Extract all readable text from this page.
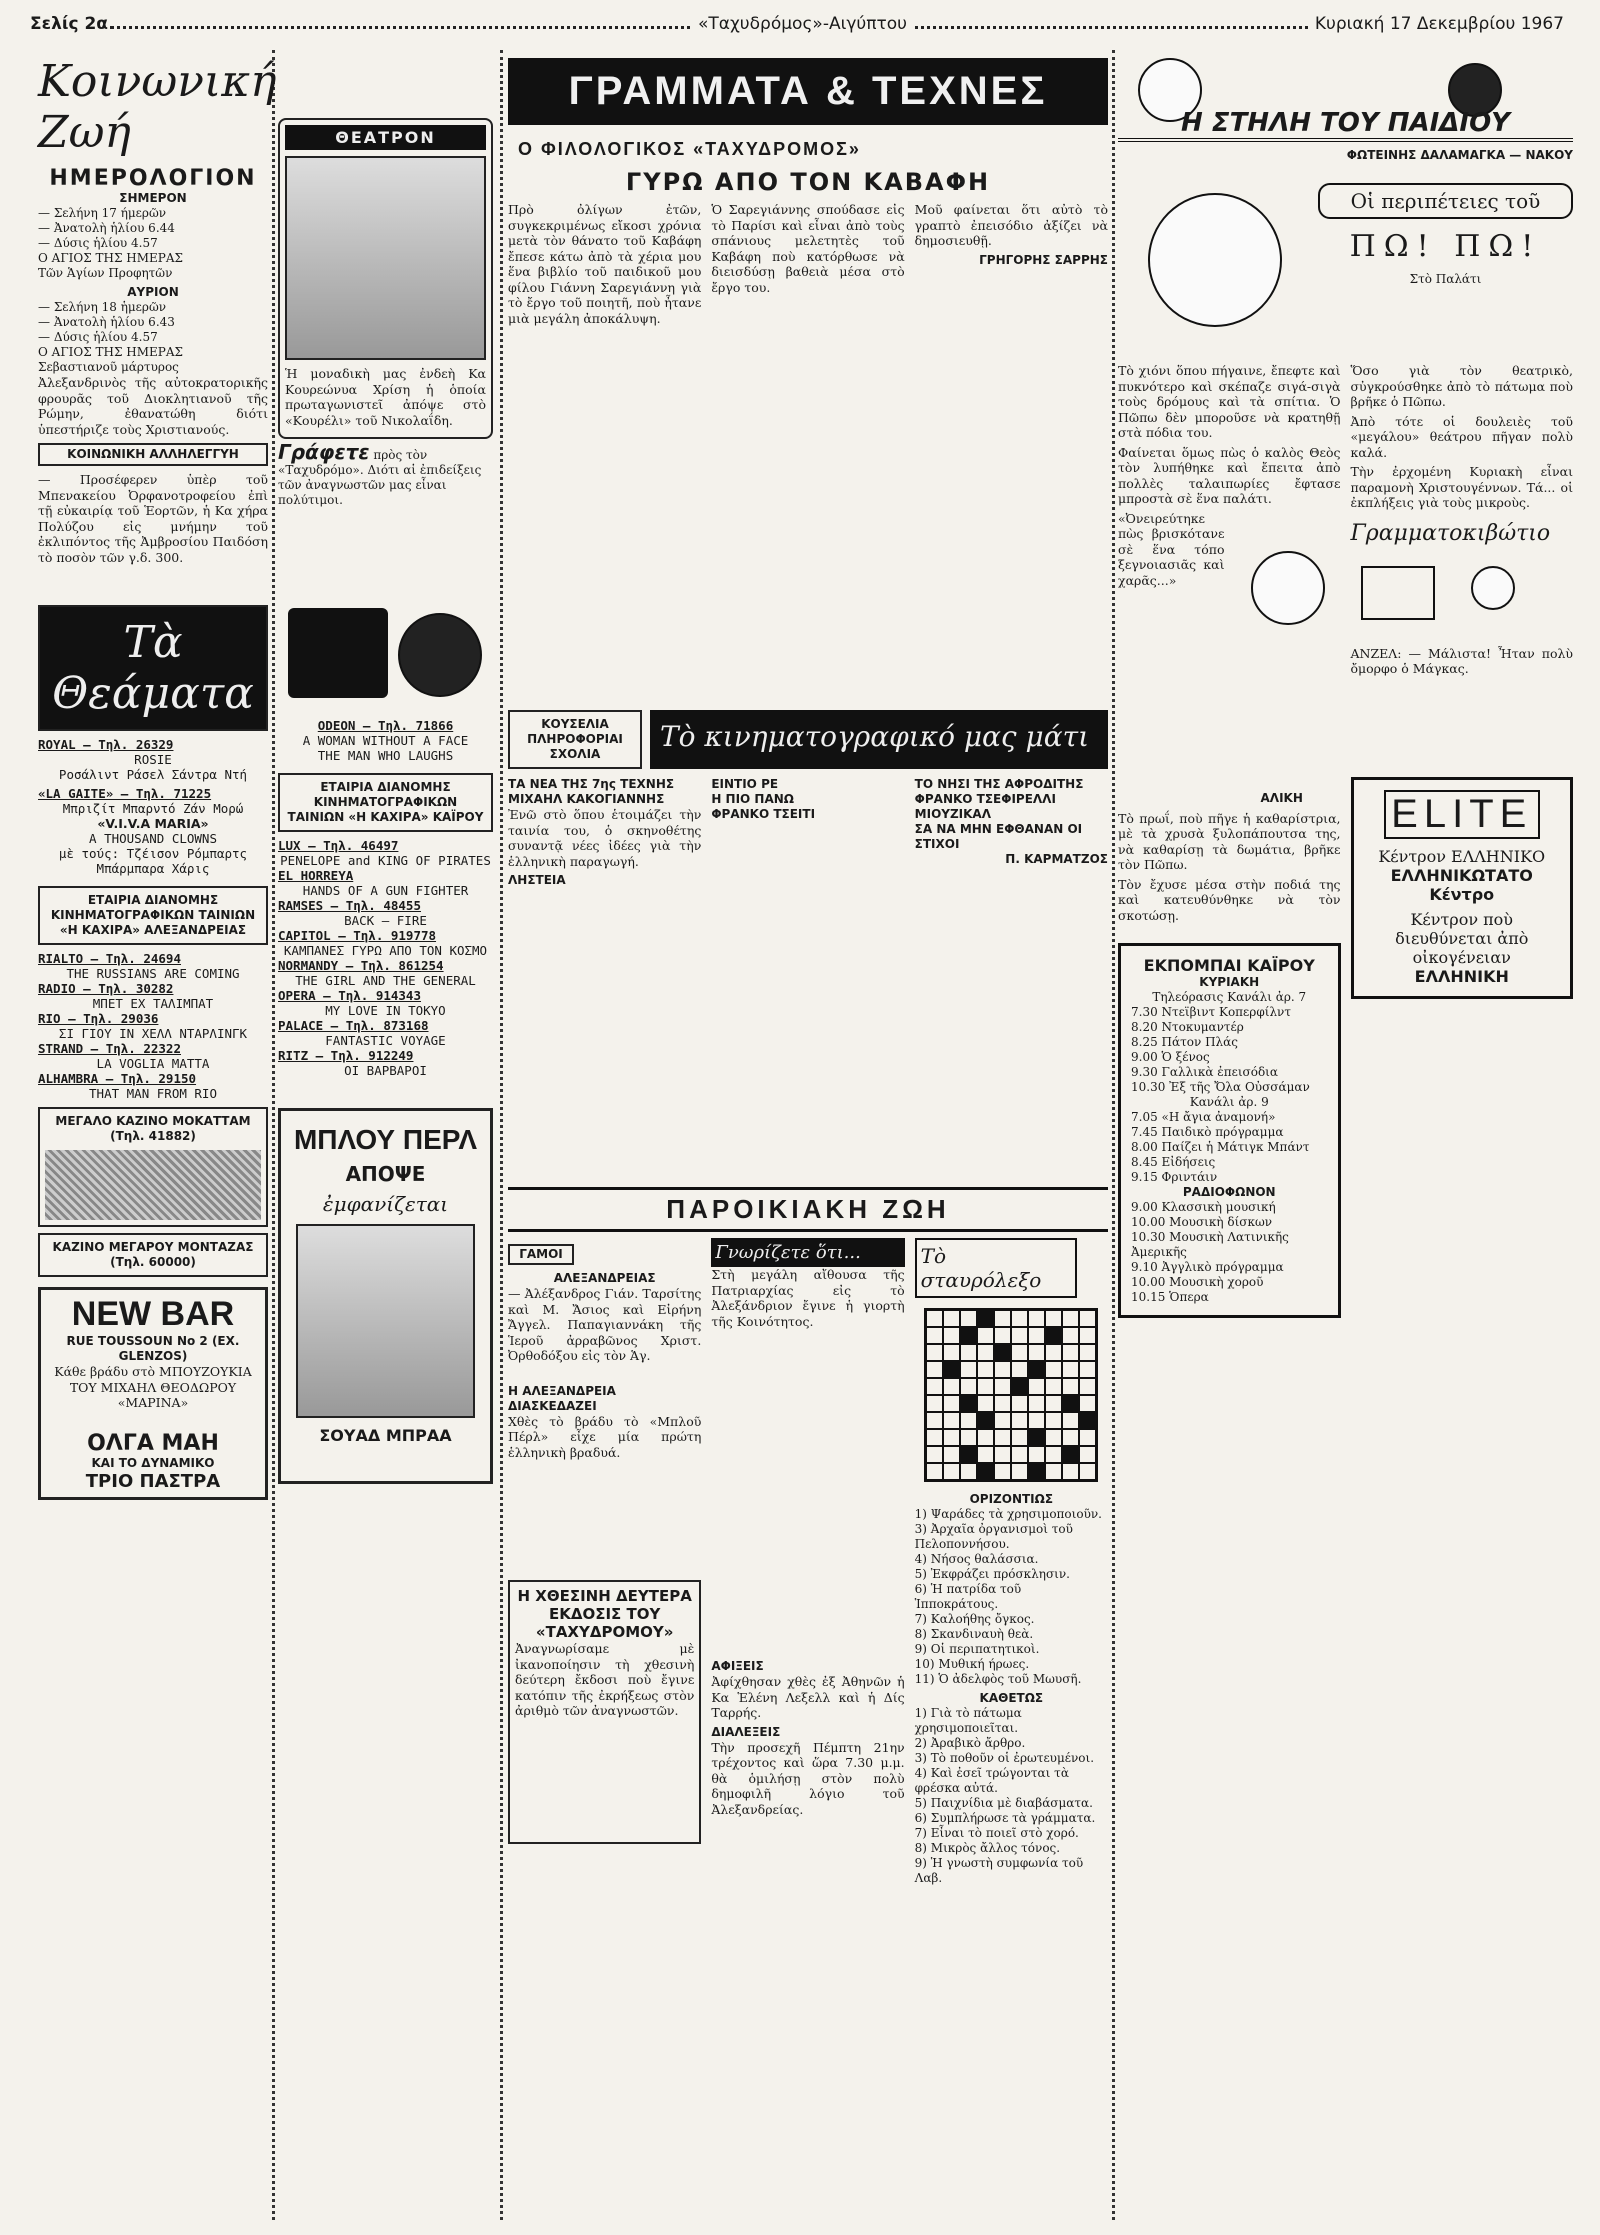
Σελίς 2α	«Ταχυδρόμος»-Αιγύπτου	Κυριακή 17 Δεκεμβρίου 1967
Κοινωνική Ζωή
ΗΜΕΡΟΛΟΓΙΟΝ
ΣΗΜΕΡΟΝ
— Σελήνη 17 ήμερῶν
— Ἀνατολὴ ἡλίου 6.44
— Δύσις ἡλίου 4.57
Ο ΑΓΙΟΣ ΤΗΣ ΗΜΕΡΑΣ
Τῶν Ἁγίων Προφητῶν
ΑΥΡΙΟΝ
— Σελήνη 18 ἡμερῶν
— Ἀνατολὴ ἡλίου 6.43
— Δύσις ἡλίου 4.57
Ο ΑΓΙΟΣ ΤΗΣ ΗΜΕΡΑΣ
Σεβαστιανοῦ μάρτυρος

Ἀλεξανδρινὸς τῆς αὐτοκρατορικῆς φρουρᾶς τοῦ Διοκλητιανοῦ τῆς Ρώμην, ἐθανατώθη διότι ὑπεστήριζε τοὺς Χριστιανούς.

ΚΟΙΝΩΝΙΚΗ ΑΛΛΗΛΕΓΓΥΗ

— Προσέφερεν ὑπὲρ τοῦ Μπενακείου Ὀρφανοτροφείου ἐπὶ τῇ εὐκαιρίᾳ τοῦ Ἑορτῶν, ἡ Κα χήρα Πολύζου εἰς μνήμην τοῦ ἐκλιπόντος τῆς Ἀμβροσίου Παιδόση τὸ ποσὸν τῶν γ.δ. 300.

Τὰ Θεάματα
ROYAL — Τηλ. 26329
ROSIE
Ροσάλιντ Ράσελ Σάντρα Ντή
«LA GAITE» — Τηλ. 71225
Μπριζίτ Μπαρντό Ζάν Μορώ
«V.I.V.A MARIA»
A THOUSAND CLOWNS
μὲ τούς: Τζέισον Ρόμπαρτς Μπάρμπαρα Χάρις
ΕΤΑΙΡΙΑ ΔΙΑΝΟΜΗΣ ΚΙΝΗΜΑΤΟΓΡΑΦΙΚΩΝ ΤΑΙΝΙΩΝ «Η ΚΑΧΙΡΑ» ΑΛΕΞΑΝΔΡΕΙΑΣ
RIALTO — Τηλ. 24694
THE RUSSIANS ARE COMING
RADIO — Τηλ. 30282
ΜΠΕΤ ΕΧ ΤΑΛΙΜΠΑΤ
RIO — Τηλ. 29036
ΣΙ ΓΙΟΥ ΙΝ ΧΕΛΛ ΝΤΑΡΛΙΝΓΚ
STRAND — Τηλ. 22322
LA VOGLIA MATTA
ALHAMBRA — Τηλ. 29150
THAT MAN FROM RIO
ΜΕΓΑΛΟ ΚΑΖΙΝΟ ΜΟΚΑΤΤΑΜ (Τηλ. 41882)
ΚΑΖΙΝΟ ΜΕΓΑΡΟΥ ΜΟΝΤΑΖΑΣ (Τηλ. 60000)
NEW BAR
RUE TOUSSOUN No 2 (EX. GLENZOS)

Κάθε βράδυ στὸ ΜΠΟΥΖΟΥΚΙΑ ΤΟΥ ΜΙΧΑΗΛ ΘΕΟΔΩΡΟΥ «ΜΑΡΙΝΑ»

ΟΛΓΑ ΜΑΗ
ΚΑΙ ΤΟ ΔΥΝΑΜΙΚΟ
ΤΡΙΟ ΠΑΣΤΡΑ
ΘΕΑΤΡΟΝ

Ἡ μοναδικὴ μας ἐνδεὴ Κα Κουρεώνυα Χρίση ἡ ὁποία πρωταγωνιστεῖ ἀπόψε στὸ «Κουρέλι» τοῦ Νικολαΐδη.

Γράφετε πρὸς τὸν «Ταχυδρόμο». Διότι αἱ ἐπιδείξεις τῶν ἀναγνωστῶν μας εἶναι πολύτιμοι.
ODEON — Τηλ. 71866
A WOMAN WITHOUT A FACE
THE MAN WHO LAUGHS
ΕΤΑΙΡΙΑ ΔΙΑΝΟΜΗΣ ΚΙΝΗΜΑΤΟΓΡΑΦΙΚΩΝ ΤΑΙΝΙΩΝ «Η ΚΑΧΙΡΑ» ΚΑΪΡΟΥ
LUX — Τηλ. 46497
PENELOPE and KING OF PIRATES
EL HORREYA
HANDS OF A GUN FIGHTER
RAMSES — Τηλ. 48455
BACK — FIRE
CAPITOL — Τηλ. 919778
ΚΑΜΠΑΝΕΣ ΓΥΡΩ ΑΠΟ ΤΟΝ ΚΟΣΜΟ
NORMANDY — Τηλ. 861254
THE GIRL AND THE GENERAL
OPERA — Τηλ. 914343
MY LOVE IN TOKYO
PALACE — Τηλ. 873168
FANTASTIC VOYAGE
RITZ — Τηλ. 912249
ΟΙ ΒΑΡΒΑΡΟΙ
ΜΠΛΟΥ ΠΕΡΛ
ΑΠΟΨΕ
ἐμφανίζεται
ΣΟΥΑΔ ΜΠΡΑΑ
ΓΡΑΜΜΑΤΑ & ΤΕΧΝΕΣ
Ο ΦΙΛΟΛΟΓΙΚΟΣ «ΤΑΧΥΔΡΟΜΟΣ»
ΓΥΡΩ ΑΠΟ ΤΟΝ ΚΑΒΑΦΗ

Πρὸ ὀλίγων ἐτῶν, συγκεκριμένως εἴκοσι χρόνια μετὰ τὸν θάνατο τοῦ Καβάφη ἔπεσε κάτω ἀπὸ τὰ χέρια μου ἕνα βιβλίο τοῦ παιδικοῦ μου φίλου Γιάννη Σαρεγιάννη γιὰ τὸ ἔργο τοῦ ποιητῆ, ποὺ ἦτανε μιὰ μεγάλη ἀποκάλυψη.

Ὁ Σαρεγιάννης σπούδασε εἰς τὸ Παρίσι καὶ εἶναι ἀπὸ τοὺς σπάνιους μελετητὲς τοῦ Καβάφη ποὺ κατόρθωσε νὰ διεισδύσῃ βαθειὰ μέσα στὸ ἔργο του.

Μοῦ φαίνεται ὅτι αὐτὸ τὸ γραπτὸ ἐπεισόδιο ἀξίζει νὰ δημοσιευθῇ.

ΓΡΗΓΟΡΗΣ ΣΑΡΡΗΣ
ΚΟΥΣΕΛΙΑ ΠΛΗΡΟΦΟΡΙΑΙ ΣΧΟΛΙΑ
Τὸ κινηματογραφικό μας μάτι
ΤΑ ΝΕΑ ΤΗΣ 7ης ΤΕΧΝΗΣ
ΜΙΧΑΗΛ ΚΑΚΟΓΙΑΝΝΗΣ

Ἐνῶ στὸ ὅπου ἑτοιμάζει τὴν ταινία του, ὁ σκηνοθέτης συναντᾷ νέες ἰδέες γιὰ τὴν ἑλληνικὴ παραγωγή.

ΛΗΣΤΕΙΑ
ΕΙΝΤΙΟ ΡΕ
Η ΠΙΟ ΠΑΝΩ
ΦΡΑΝΚΟ ΤΣΕΙΤΙ
ΤΟ ΝΗΣΙ ΤΗΣ ΑΦΡΟΔΙΤΗΣ
ΦΡΑΝΚΟ ΤΣΕΦΙΡΕΛΛΙ
ΜΙΟΥΖΙΚΑΛ
ΣΑ ΝΑ ΜΗΝ ΕΦΘΑΝΑΝ ΟΙ ΣΤΙΧΟΙ
Π. ΚΑΡΜΑΤΖΟΣ
ΠΑΡΟΙΚΙΑΚΗ ΖΩΗ
ΓΑΜΟΙ
ΑΛΕΞΑΝΔΡΕΙΑΣ

— Ἀλέξανδρος Γιάν. Ταρσίτης καὶ Μ. Ἄσιος καὶ Εἰρήνη Ἄγγελ. Παπαγιαννάκη τῆς Ἱεροῦ ἀρραβῶνος Χριστ. Ὀρθοδόξου εἰς τὸν Ἁγ.

Η ΑΛΕΞΑΝΔΡΕΙΑ ΔΙΑΣΚΕΔΑΖΕΙ

Χθὲς τὸ βράδυ τὸ «Μπλοῦ Πέρλ» εἶχε μία πρώτη ἑλληνικὴ βραδυά.

Η ΧΘΕΣΙΝΗ ΔΕΥΤΕΡΑ ΕΚΔΟΣΙΣ ΤΟΥ «ΤΑΧΥΔΡΟΜΟΥ»

Ἀναγνωρίσαμε μὲ ἰκανοποίησιν τὴ χθεσινὴ δεύτερη ἔκδοσι ποὺ ἔγινε κατόπιν τῆς ἐκρήξεως στὸν ἀριθμὸ τῶν ἀναγνωστῶν.

Γνωρίζετε ὅτι...

Στὴ μεγάλη αἴθουσα τῆς Πατριαρχίας εἰς τὸ Ἀλεξάνδριον ἔγινε ἡ γιορτὴ τῆς Κοινότητος.

ΑΦΙΞΕΙΣ

Ἀφίχθησαν χθὲς ἐξ Ἀθηνῶν ἡ Κα Ἑλένη Λεξελλ καὶ ἡ Δίς Ταρρής.

ΔΙΑΛΕΞΕΙΣ

Τὴν προσεχῆ Πέμπτη 21ην τρέχοντος καὶ ὥρα 7.30 μ.μ. θὰ ὁμιλήσῃ στὸν πολὺ δημοφιλῆ λόγιο τοῦ Ἀλεξανδρείας.

Τὸ σταυρόλεξο
ΟΡΙΖΟΝΤΙΩΣ
1) Ψαράδες τὰ χρησιμοποιοῦν.
3) Ἀρχαῖα ὀργανισμοὶ τοῦ Πελοποννήσου.
4) Νήσος θαλάσσια.
5) Ἐκφράζει πρόσκλησιν.
6) Ἡ πατρίδα τοῦ Ἱπποκράτους.
7) Καλοήθης ὄγκος.
8) Σκανδιναυὴ θεὰ.
9) Οἱ περιπατητικοὶ.
10) Μυθική ήρωες.
11) Ὁ ἀδελφὸς τοῦ Μωυσῆ.
ΚΑΘΕΤΩΣ
1) Γιὰ τὸ πάτωμα χρησιμοποιεῖται.
2) Ἀραβικὸ ἄρθρο.
3) Τὸ ποθοῦν οἱ ἐρωτευμένοι.
4) Καὶ ἐσεῖ τρώγονται τὰ φρέσκα αὐτά.
5) Παιχνίδια μὲ διαβάσματα.
6) Συμπλήρωσε τὰ γράμματα.
7) Εἶναι τὸ ποιεῖ στὸ χορό.
8) Μικρὸς ἄλλος τόνος.
9) Ἡ γνωστὴ συμφωνία τοῦ Λαβ.
Η ΣΤΗΛΗ ΤΟΥ ΠΑΙΔΙΟΥ
ΦΩΤΕΙΝΗΣ ΔΑΛΑΜΑΓΚΑ — ΝΑΚΟΥ
Οἱ περιπέτειες τοῦ
ΠΩ! ΠΩ!
Στὸ Παλάτι

Τὸ χιόνι ὅπου πήγαινε, ἔπεφτε καὶ πυκνότερο καὶ σκέπαζε σιγά-σιγὰ τοὺς δρόμους καὶ τὰ σπίτια. Ὁ Πῶπω δὲν μποροῦσε νὰ κρατηθῇ στὰ πόδια του.

Φαίνεται ὅμως πὼς ὁ καλὸς Θεὸς τὸν λυπήθηκε καὶ ἔπειτα ἀπὸ πολλὲς ταλαιπωρίες ἔφτασε μπροστὰ σὲ ἕνα παλάτι.

«Ὀνειρεύτηκε πὼς βρισκότανε σὲ ἕνα τόπο ξεγνοιασιᾶς καὶ χαρᾶς...»

ΑΛΙΚΗ

Τὸ πρωΐ, ποὺ πῆγε ἡ καθαρίστρια, μὲ τὰ χρυσὰ ξυλοπάπουτσα της, νὰ καθαρίσῃ τὰ δωμάτια, βρῆκε τὸν Πῶπω.

Τὸν ἔχυσε μέσα στὴν ποδιά της καὶ κατευθύνθηκε νὰ τὸν σκοτώσῃ.

ΕΚΠΟΜΠΑΙ ΚΑΪΡΟΥ
ΚΥΡΙΑΚΗ
Τηλεόρασις Κανάλι ἀρ. 7
7.30 Ντεϊβιντ Κοπερφίλντ
8.20 Ντοκυμαντέρ
8.25 Πάτον Πλάς
9.00 Ὁ ξένος
9.30 Γαλλικὰ ἐπεισόδια
10.30 Ἐξ τῆς Ὄλα Οὐσσάμαν
Κανάλι ἀρ. 9
7.05 «Η ἄγια ἀναμονή»
7.45 Παιδικὸ πρόγραμμα
8.00 Παίζει ἡ Μάτιγκ Μπάντ
8.45 Εἰδήσεις
9.15 Φριντάιν
ΡΑΔΙΟΦΩΝΟΝ
9.00 Κλασσικὴ μουσική
10.00 Μουσικὴ δίσκων
10.30 Μουσικὴ Λατινικῆς Ἀμερικῆς
9.10 Ἀγγλικὸ πρόγραμμα
10.00 Μουσικὴ χοροῦ
10.15 Ὁπερα

Ὅσο γιὰ τὸν θεατρικὸ, σὐγκρούσθηκε ἀπὸ τὸ πάτωμα ποὺ βρῆκε ὁ Πῶπω.

Ἀπὸ τότε οἱ δουλειὲς τοῦ «μεγάλου» θεάτρου πῆγαν πολὺ καλά.

Τὴν ἐρχομένη Κυριακὴ εἶναι παραμονὴ Χριστουγέννων. Τά... οἱ ἐκπλήξεις γιὰ τοὺς μικροὺς.

Γραμματοκιβώτιο

ΑΝΖΕΛ: — Μάλιστα! Ἦταν πολὺ ὄμορφο ὁ Μάγκας.

ELITE
Κέντρον ΕΛΛΗΝΙΚΟ
ΕΛΛΗΝΙΚΩΤΑΤΟ Κέντρο
Κέντρον ποὺ διευθύνεται ἀπὸ οἰκογένειαν
ΕΛΛΗΝΙΚΗ
